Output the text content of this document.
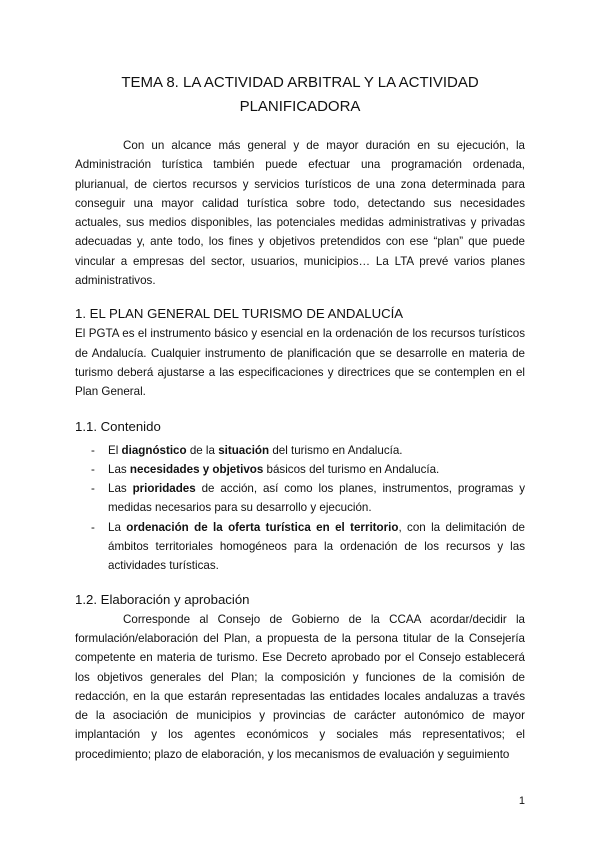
TEMA 8. LA ACTIVIDAD ARBITRAL Y LA ACTIVIDAD PLANIFICADORA

Con un alcance más general y de mayor duración en su ejecución, la Administración turística también puede efectuar una programación ordenada, plurianual, de ciertos recursos y servicios turísticos de una zona determinada para conseguir una mayor calidad turística sobre todo, detectando sus necesidades actuales, sus medios disponibles, las potenciales medidas administrativas y privadas adecuadas y, ante todo, los fines y objetivos pretendidos con ese “plan” que puede vincular a empresas del sector, usuarios, municipios… La LTA prevé varios planes administrativos.

1. EL PLAN GENERAL DEL TURISMO DE ANDALUCÍA

El PGTA es el instrumento básico y esencial en la ordenación de los recursos turísticos de Andalucía. Cualquier instrumento de planificación que se desarrolle en materia de turismo deberá ajustarse a las especificaciones y directrices que se contemplen en el Plan General.

1.1. Contenido
- El diagnóstico de la situación del turismo en Andalucía.
- Las necesidades y objetivos básicos del turismo en Andalucía.
- Las prioridades de acción, así como los planes, instrumentos, programas y medidas necesarios para su desarrollo y ejecución.
- La ordenación de la oferta turística en el territorio, con la delimitación de ámbitos territoriales homogéneos para la ordenación de los recursos y las actividades turísticas.
1.2. Elaboración y aprobación

Corresponde al Consejo de Gobierno de la CCAA acordar/decidir la formulación/elaboración del Plan, a propuesta de la persona titular de la Consejería competente en materia de turismo. Ese Decreto aprobado por el Consejo establecerá los objetivos generales del Plan; la composición y funciones de la comisión de redacción, en la que estarán representadas las entidades locales andaluzas a través de la asociación de municipios y provincias de carácter autonómico de mayor implantación y los agentes económicos y sociales más representativos; el procedimiento; plazo de elaboración, y los mecanismos de evaluación y seguimiento

1
